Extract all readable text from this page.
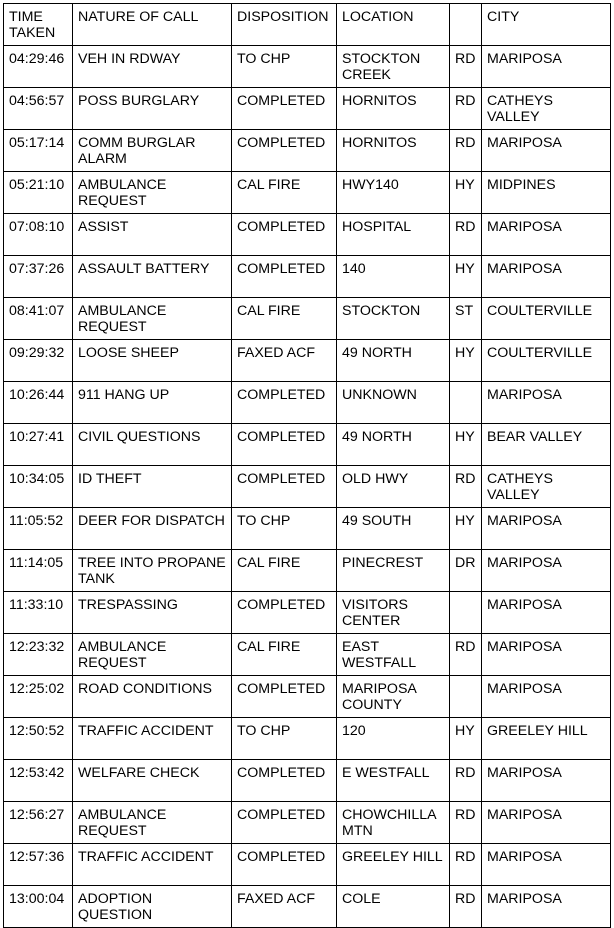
TIME TAKEN	NATURE OF CALL	DISPOSITION	LOCATION		CITY
04:29:46	VEH IN RDWAY	TO CHP	STOCKTON CREEK	RD	MARIPOSA
04:56:57	POSS BURGLARY	COMPLETED	HORNITOS	RD	CATHEYS VALLEY
05:17:14	COMM BURGLAR ALARM	COMPLETED	HORNITOS	RD	MARIPOSA
05:21:10	AMBULANCE REQUEST	CAL FIRE	HWY140	HY	MIDPINES
07:08:10	ASSIST	COMPLETED	HOSPITAL	RD	MARIPOSA
07:37:26	ASSAULT BATTERY	COMPLETED	140	HY	MARIPOSA
08:41:07	AMBULANCE REQUEST	CAL FIRE	STOCKTON	ST	COULTERVILLE
09:29:32	LOOSE SHEEP	FAXED ACF	49 NORTH	HY	COULTERVILLE
10:26:44	911 HANG UP	COMPLETED	UNKNOWN		MARIPOSA
10:27:41	CIVIL QUESTIONS	COMPLETED	49 NORTH	HY	BEAR VALLEY
10:34:05	ID THEFT	COMPLETED	OLD HWY	RD	CATHEYS VALLEY
11:05:52	DEER FOR DISPATCH	TO CHP	49 SOUTH	HY	MARIPOSA
11:14:05	TREE INTO PROPANE TANK	CAL FIRE	PINECREST	DR	MARIPOSA
11:33:10	TRESPASSING	COMPLETED	VISITORS CENTER		MARIPOSA
12:23:32	AMBULANCE REQUEST	CAL FIRE	EAST WESTFALL	RD	MARIPOSA
12:25:02	ROAD CONDITIONS	COMPLETED	MARIPOSA COUNTY		MARIPOSA
12:50:52	TRAFFIC ACCIDENT	TO CHP	120	HY	GREELEY HILL
12:53:42	WELFARE CHECK	COMPLETED	E WESTFALL	RD	MARIPOSA
12:56:27	AMBULANCE REQUEST	COMPLETED	CHOWCHILLA MTN	RD	MARIPOSA
12:57:36	TRAFFIC ACCIDENT	COMPLETED	GREELEY HILL	RD	MARIPOSA
13:00:04	ADOPTION QUESTION	FAXED ACF	COLE	RD	MARIPOSA
